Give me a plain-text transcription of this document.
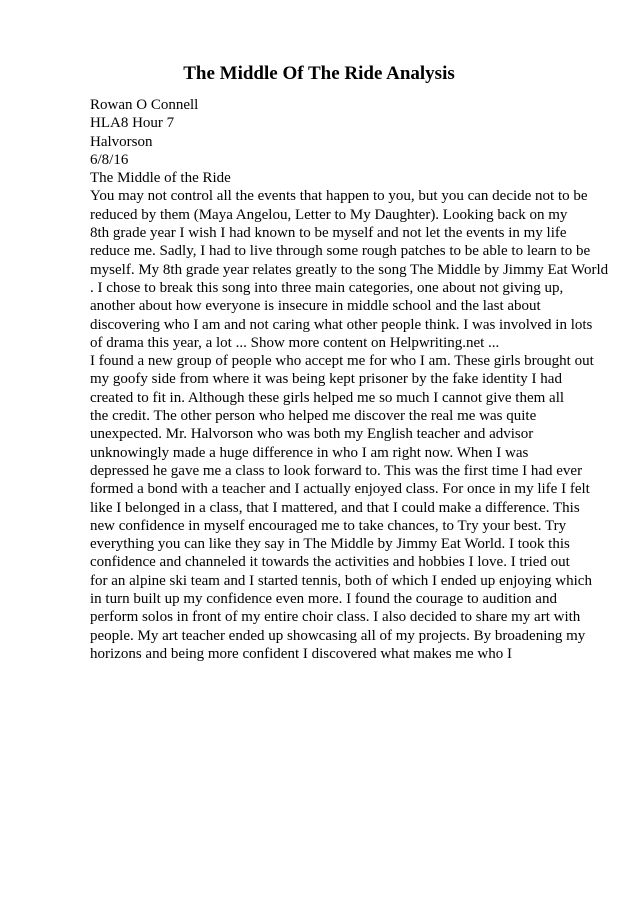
The Middle Of The Ride Analysis
Rowan O Connell
HLA8 Hour 7
Halvorson
6/8/16
The Middle of the Ride
You may not control all the events that happen to you, but you can decide not to be
reduced by them (Maya Angelou, Letter to My Daughter). Looking back on my
8th grade year I wish I had known to be myself and not let the events in my life
reduce me. Sadly, I had to live through some rough patches to be able to learn to be
myself. My 8th grade year relates greatly to the song The Middle by Jimmy Eat World
. I chose to break this song into three main categories, one about not giving up,
another about how everyone is insecure in middle school and the last about
discovering who I am and not caring what other people think. I was involved in lots
of drama this year, a lot ... Show more content on Helpwriting.net ...
I found a new group of people who accept me for who I am. These girls brought out
my goofy side from where it was being kept prisoner by the fake identity I had
created to fit in. Although these girls helped me so much I cannot give them all
the credit. The other person who helped me discover the real me was quite
unexpected. Mr. Halvorson who was both my English teacher and advisor
unknowingly made a huge difference in who I am right now. When I was
depressed he gave me a class to look forward to. This was the first time I had ever
formed a bond with a teacher and I actually enjoyed class. For once in my life I felt
like I belonged in a class, that I mattered, and that I could make a difference. This
new confidence in myself encouraged me to take chances, to Try your best. Try
everything you can like they say in The Middle by Jimmy Eat World. I took this
confidence and channeled it towards the activities and hobbies I love. I tried out
for an alpine ski team and I started tennis, both of which I ended up enjoying which
in turn built up my confidence even more. I found the courage to audition and
perform solos in front of my entire choir class. I also decided to share my art with
people. My art teacher ended up showcasing all of my projects. By broadening my
horizons and being more confident I discovered what makes me who I
